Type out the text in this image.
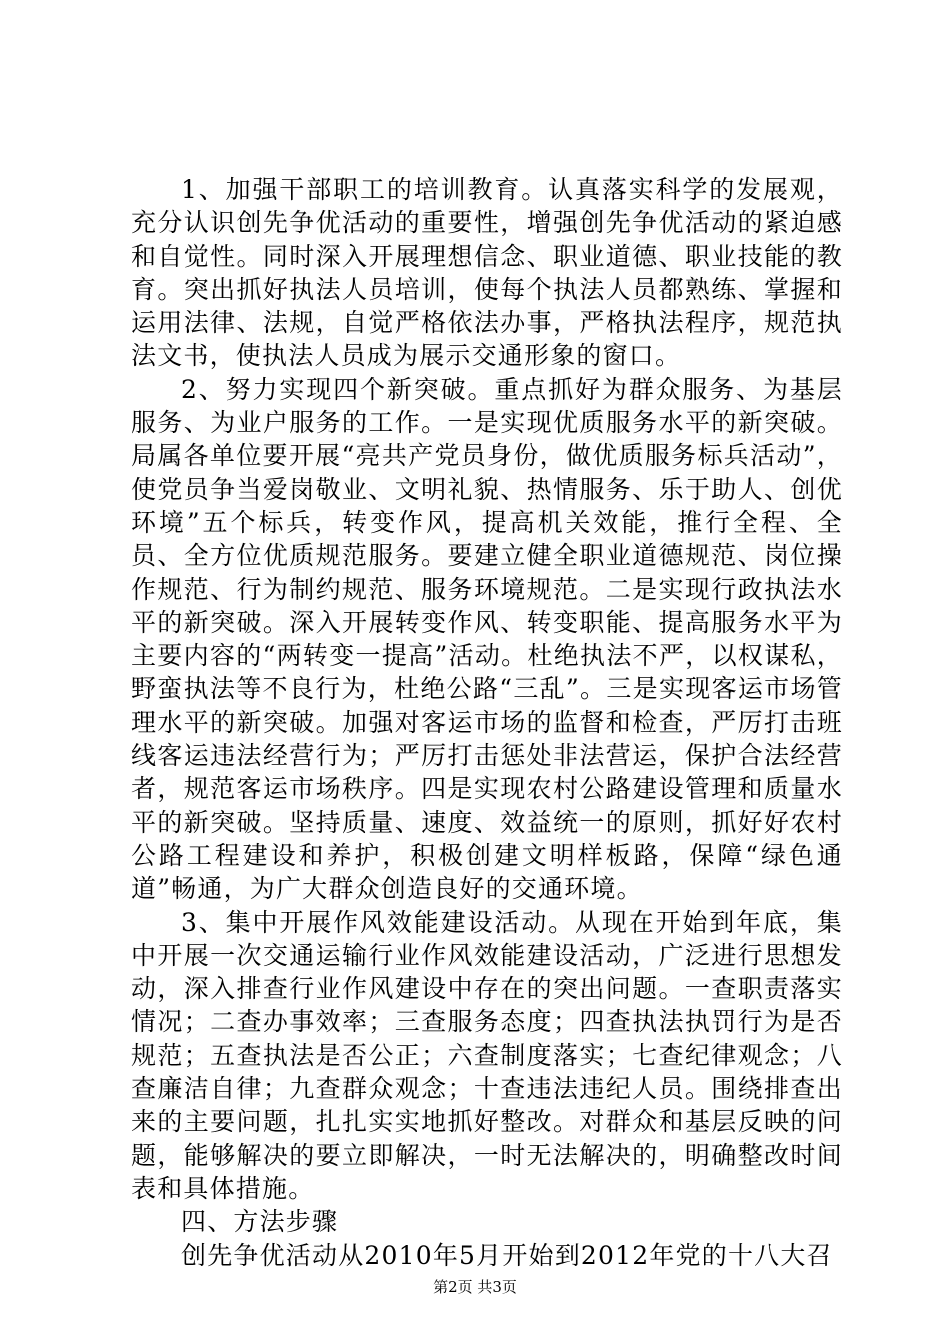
1、加强干部职工的培训教育。认真落实科学的发展观，充分认识创先争优活动的重要性，增强创先争优活动的紧迫感和自觉性。同时深入开展理想信念、职业道德、职业技能的教育。突出抓好执法人员培训，使每个执法人员都熟练、掌握和运用法律、法规，自觉严格依法办事，严格执法程序，规范执法文书，使执法人员成为展示交通形象的窗口。

2、努力实现四个新突破。重点抓好为群众服务、为基层服务、为业户服务的工作。一是实现优质服务水平的新突破。局属各单位要开展“亮共产党员身份，做优质服务标兵活动”，使党员争当爱岗敬业、文明礼貌、热情服务、乐于助人、创优环境”五个标兵，转变作风，提高机关效能，推行全程、全员、全方位优质规范服务。要建立健全职业道德规范、岗位操作规范、行为制约规范、服务环境规范。二是实现行政执法水平的新突破。深入开展转变作风、转变职能、提高服务水平为主要内容的“两转变一提高”活动。杜绝执法不严，以权谋私，野蛮执法等不良行为，杜绝公路“三乱”。三是实现客运市场管理水平的新突破。加强对客运市场的监督和检查，严厉打击班线客运违法经营行为；严厉打击惩处非法营运，保护合法经营者，规范客运市场秩序。四是实现农村公路建设管理和质量水平的新突破。坚持质量、速度、效益统一的原则，抓好好农村公路工程建设和养护，积极创建文明样板路，保障“绿色通道”畅通，为广大群众创造良好的交通环境。

3、集中开展作风效能建设活动。从现在开始到年底，集中开展一次交通运输行业作风效能建设活动，广泛进行思想发动，深入排查行业作风建设中存在的突出问题。一查职责落实情况；二查办事效率；三查服务态度；四查执法执罚行为是否规范；五查执法是否公正；六查制度落实；七查纪律观念；八查廉洁自律；九查群众观念；十查违法违纪人员。围绕排查出来的主要问题，扎扎实实地抓好整改。对群众和基层反映的问题，能够解决的要立即解决，一时无法解决的，明确整改时间表和具体措施。

四、方法步骤

创先争优活动从2010年5月开始到2012年党的十八大召

第2页 共3页
